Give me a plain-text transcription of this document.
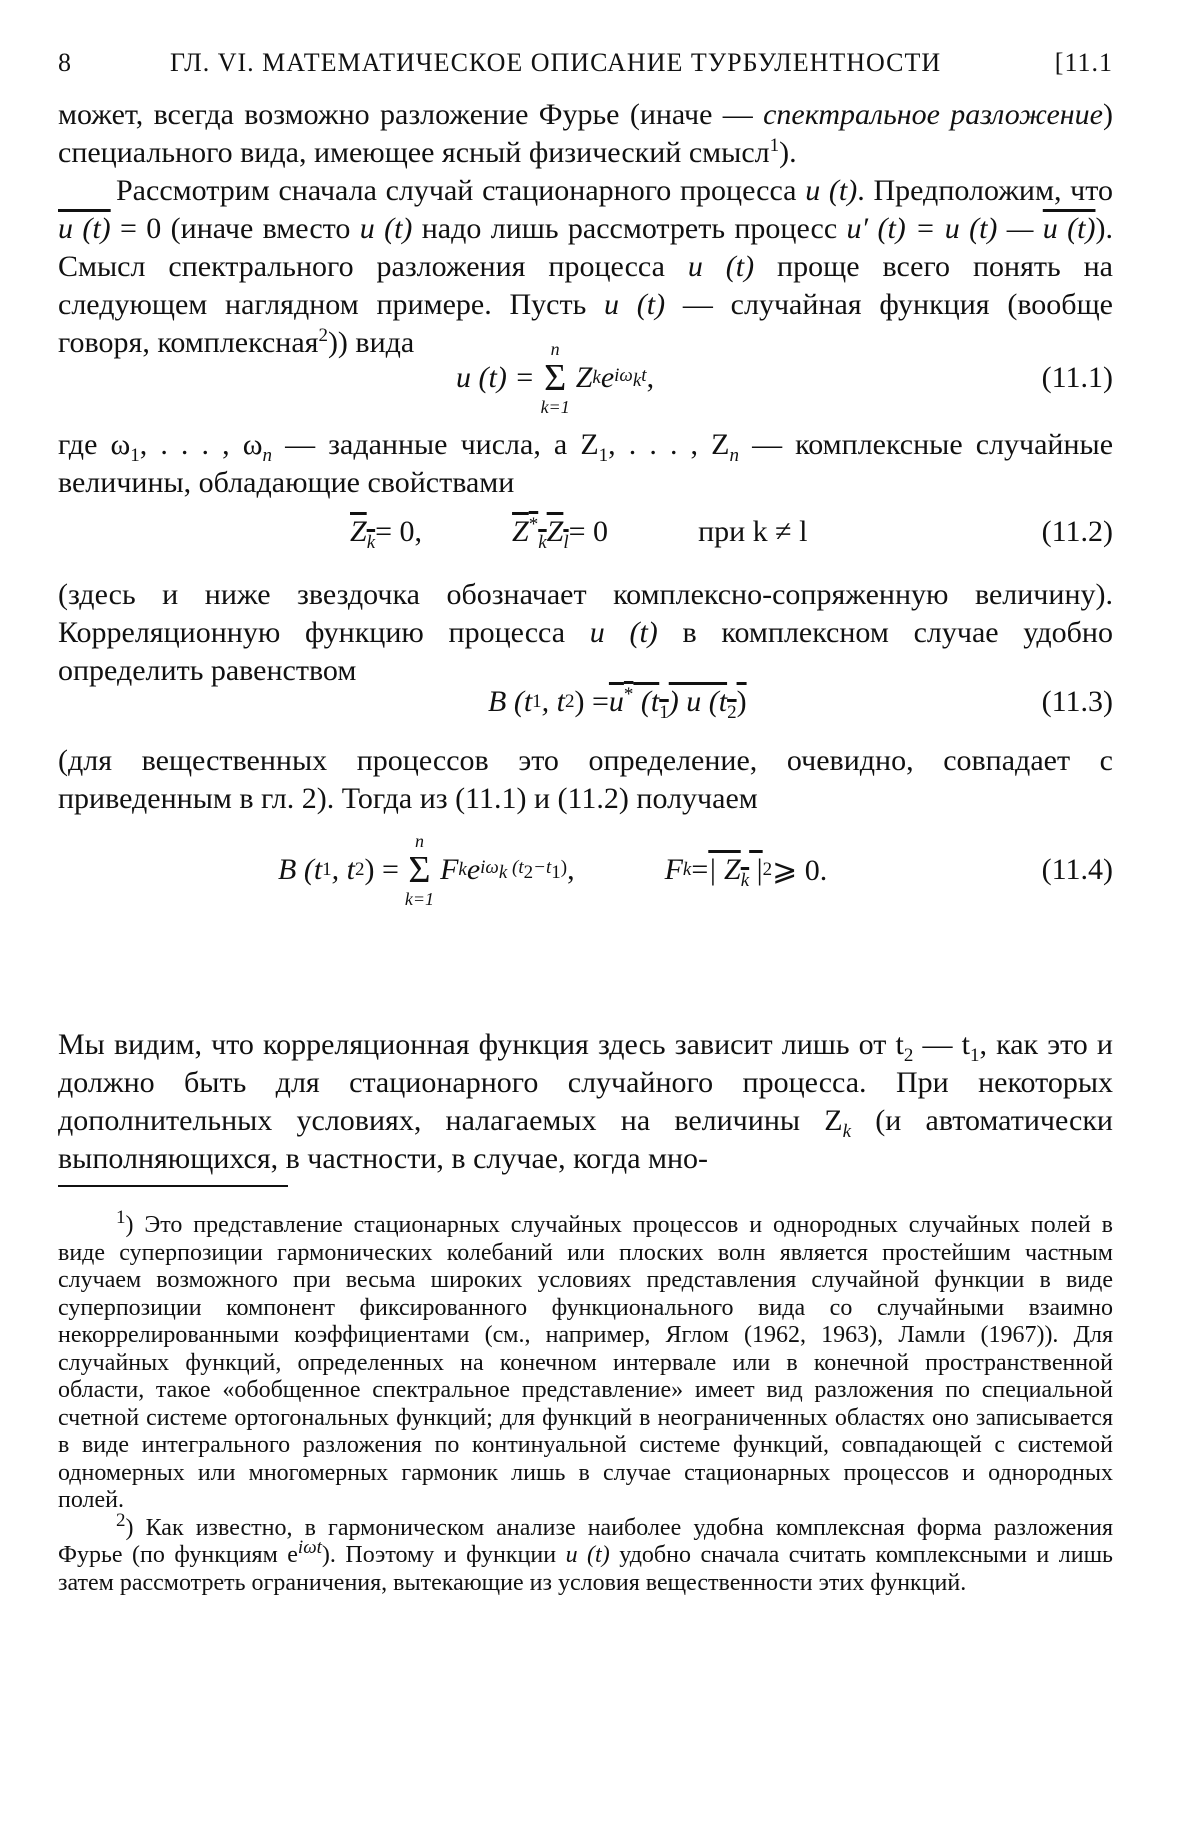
8	ГЛ. VI. МАТЕМАТИЧЕСКОЕ ОПИСАНИЕ ТУРБУЛЕНТНОСТИ	[11.1

может, всегда возможно разложение Фурье (иначе — спектральное разложение) специального вида, имеющее ясный физический смысл$^1$).

Рассмотрим сначала случай стационарного процесса u (t). Предположим, что u (t) = 0 (иначе вместо u (t) надо лишь рассмотреть процесс u′ (t) = u (t) — u (t)). Смысл спектрального разложения процесса u (t) проще всего понять на следующем наглядном примере. Пусть u (t) — случайная функция (вообще говоря, комплексная$^2$)) вида

u (t) =
n
Σ
k=1
Z k e $i\omega_kt$ ,	(11.1)

где $\omega_1$, . . . , $\omega_n$ — заданные числа, а $Z_1$, . . . , $Z_n$ — комплексные случайные величины, обладающие свойствами

$Z_k = 0$,	$Z^*_kZ_l = 0$	при k ≠ l	(11.2)

(здесь и ниже звездочка обозначает комплексно-сопряженную величину). Корреляционную функцию процесса u (t) в комплексном случае удобно определить равенством

B (t 1 , t 2 ) = u* $(t_1)$ u $(t_2)$	(11.3)

(для вещественных процессов это определение, очевидно, совпадает с приведенным в гл. 2). Тогда из (11.1) и (11.2) получаем

B (t 1 , t 2 ) =
n
Σ
k=1
F k e $i\omega_k$ $(t_2-t_1)$ ,	F k = | $Z_k$ | 2 ⩾ 0.	(11.4)

Мы видим, что корреляционная функция здесь зависит лишь от $t_2$ — $t_1$, как это и должно быть для стационарного случайного процесса. При некоторых дополнительных условиях, налагаемых на величины $Z_k$ (и автоматически выполняющихся, в частности, в случае, когда мно-

$^1$) Это представление стационарных случайных процессов и однородных случайных полей в виде суперпозиции гармонических колебаний или плоских волн является простейшим частным случаем возможного при весьма широких условиях представления случайной функции в виде суперпозиции компонент фиксированного функционального вида со случайными взаимно некоррелированными коэффициентами (см., например, Яглом (1962, 1963), Ламли (1967)). Для случайных функций, определенных на конечном интервале или в конечной пространственной области, такое «обобщенное спектральное представление» имеет вид разложения по специальной счетной системе ортогональных функций; для функций в неограниченных областях оно записывается в виде интегрального разложения по континуальной системе функций, совпадающей с системой одномерных или многомерных гармоник лишь в случае стационарных процессов и однородных полей.

$^2$) Как известно, в гармоническом анализе наиболее удобна комплексная форма разложения Фурье (по функциям $e^{i\omega t}$). Поэтому и функции u (t) удобно сначала считать комплексными и лишь затем рассмотреть ограничения, вытекающие из условия вещественности этих функций.
